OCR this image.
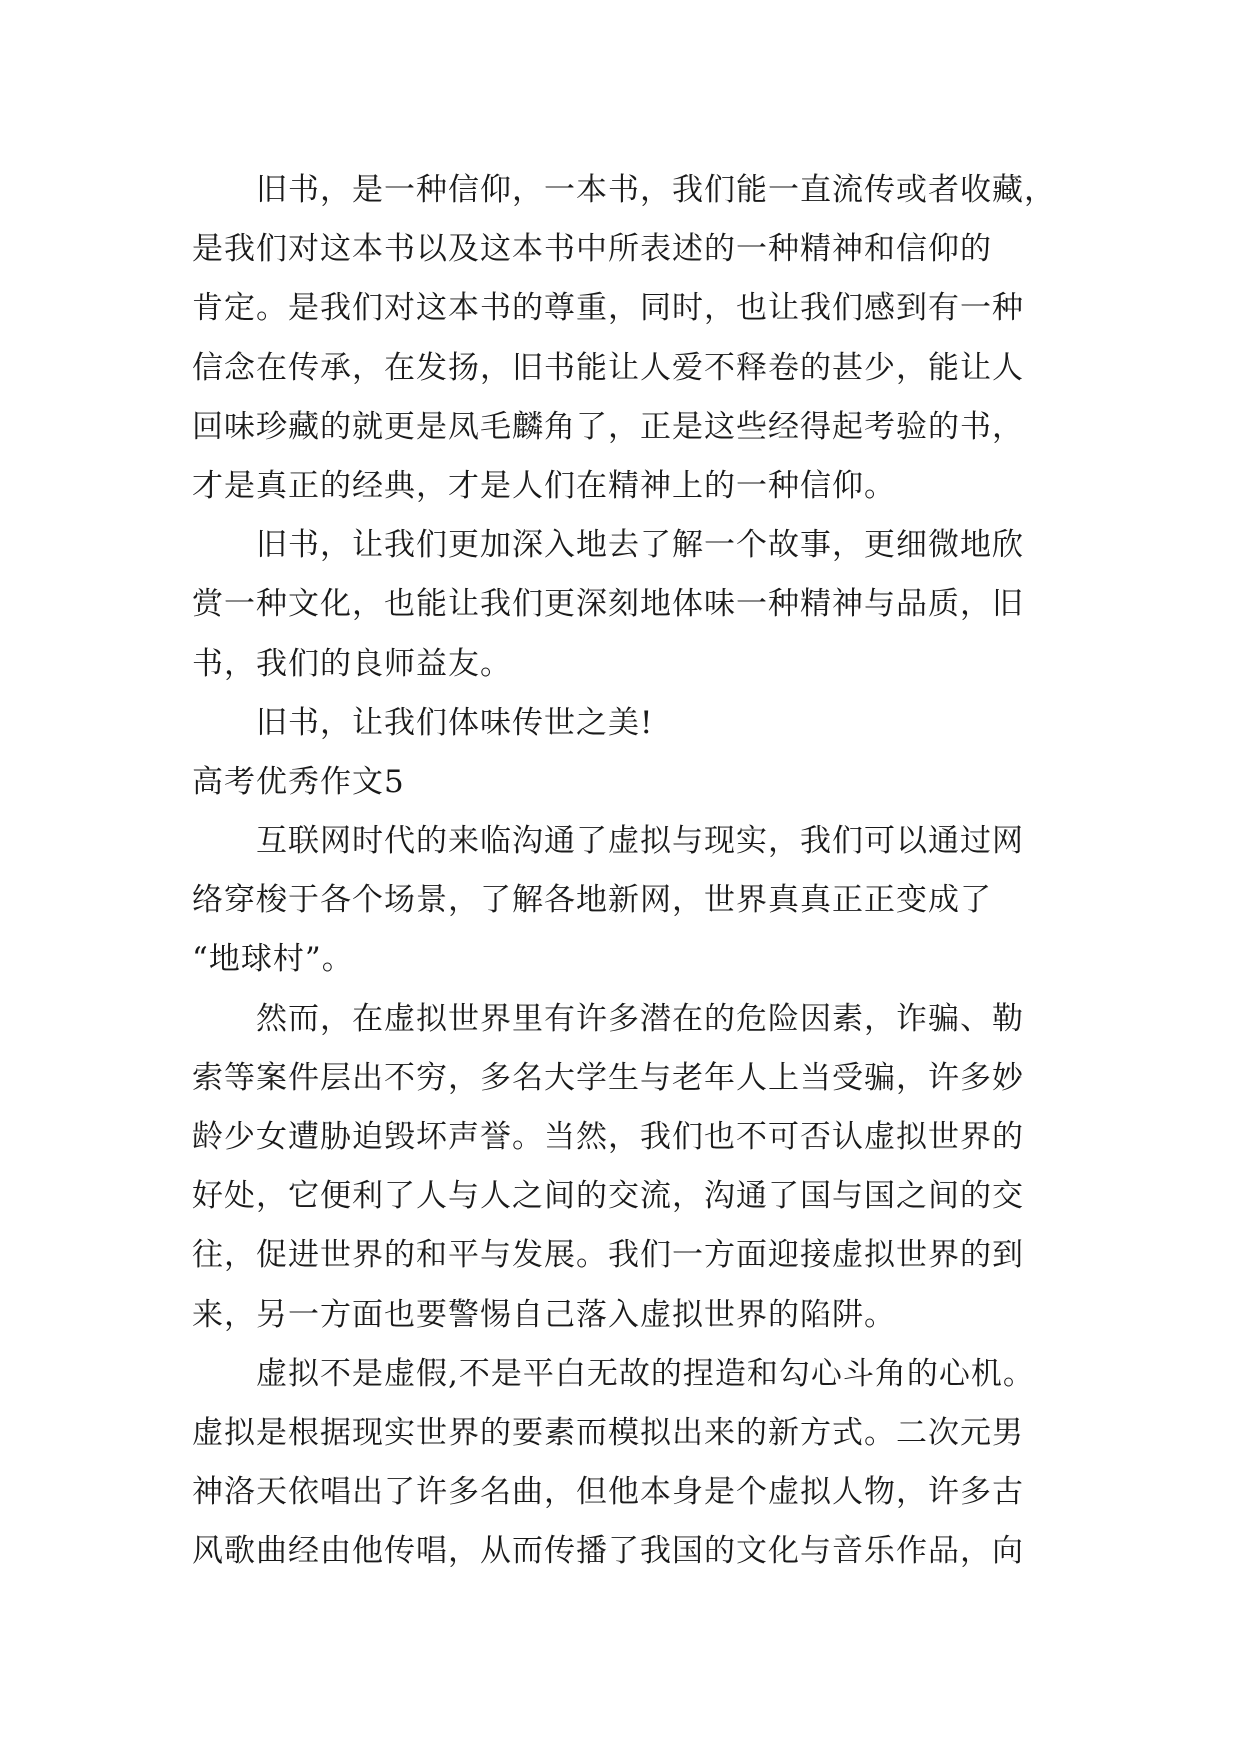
旧书，是一种信仰，一本书，我们能一直流传或者收藏，
是我们对这本书以及这本书中所表述的一种精神和信仰的
肯定。是我们对这本书的尊重，同时，也让我们感到有一种
信念在传承，在发扬，旧书能让人爱不释卷的甚少，能让人
回味珍藏的就更是凤毛麟角了，正是这些经得起考验的书，
才是真正的经典，才是人们在精神上的一种信仰。
旧书，让我们更加深入地去了解一个故事，更细微地欣
赏一种文化，也能让我们更深刻地体味一种精神与品质，旧
书，我们的良师益友。
旧书，让我们体味传世之美!
高考优秀作文5
互联网时代的来临沟通了虚拟与现实，我们可以通过网
络穿梭于各个场景，了解各地新网，世界真真正正变成了
“地球村”。
然而，在虚拟世界里有许多潜在的危险因素，诈骗、勒
索等案件层出不穷，多名大学生与老年人上当受骗，许多妙
龄少女遭胁迫毁坏声誉。当然，我们也不可否认虚拟世界的
好处，它便利了人与人之间的交流，沟通了国与国之间的交
往，促进世界的和平与发展。我们一方面迎接虚拟世界的到
来，另一方面也要警惕自己落入虚拟世界的陷阱。
虚拟不是虚假,不是平白无故的捏造和勾心斗角的心机。
虚拟是根据现实世界的要素而模拟出来的新方式。二次元男
神洛天依唱出了许多名曲，但他本身是个虚拟人物，许多古
风歌曲经由他传唱，从而传播了我国的文化与音乐作品，向
